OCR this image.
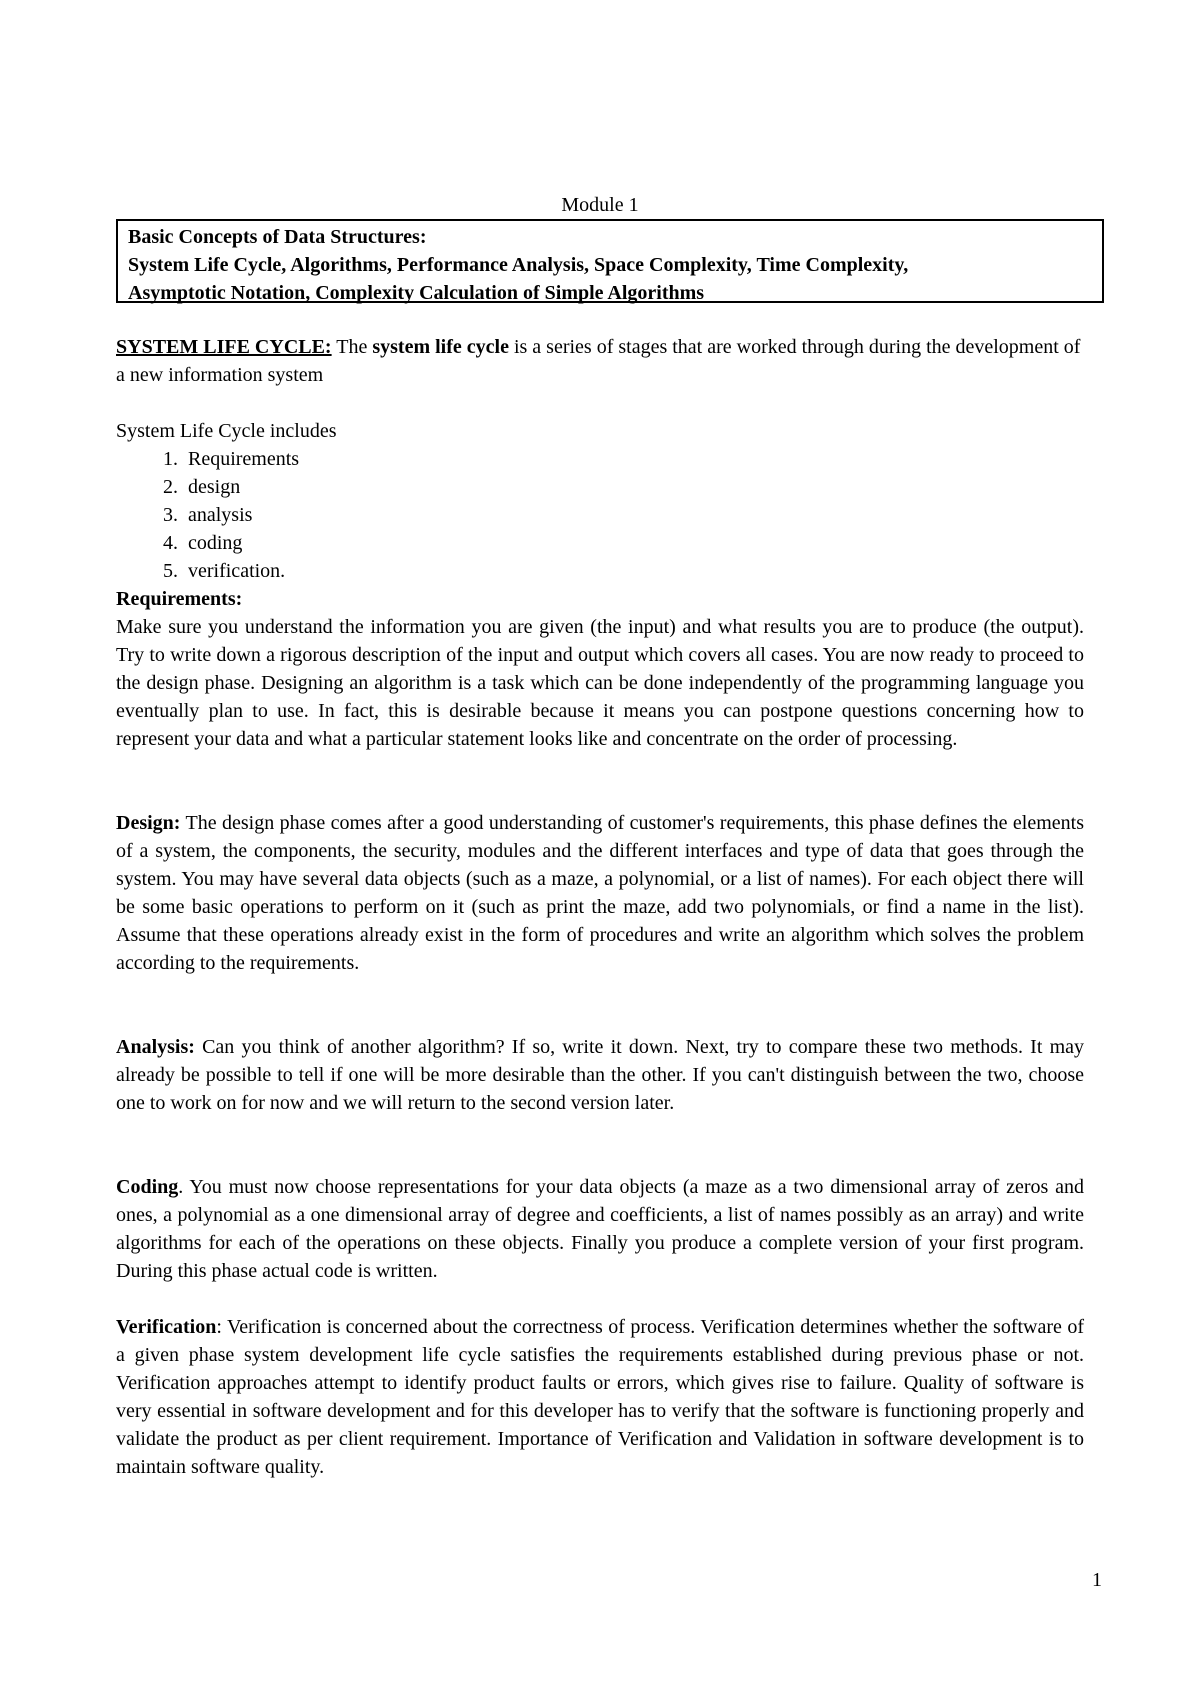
Module 1
Basic Concepts of Data Structures:
System Life Cycle, Algorithms, Performance Analysis, Space Complexity, Time Complexity,
Asymptotic Notation, Complexity Calculation of Simple Algorithms
SYSTEM LIFE CYCLE: The system life cycle is a series of stages that are worked through during the development of a new information system
System Life Cycle includes
1. Requirements
2. design
3. analysis
4. coding
5. verification.
Requirements:
Make sure you understand the information you are given (the input) and what results you are to produce (the output). Try to write down a rigorous description of the input and output which covers all cases. You are now ready to proceed to the design phase. Designing an algorithm is a task which can be done independently of the programming language you eventually plan to use. In fact, this is desirable because it means you can postpone questions concerning how to represent your data and what a particular statement looks like and concentrate on the order of processing.
Design: The design phase comes after a good understanding of customer's requirements, this phase defines the elements of a system, the components, the security, modules and the different interfaces and type of data that goes through the system. You may have several data objects (such as a maze, a polynomial, or a list of names). For each object there will be some basic operations to perform on it (such as print the maze, add two polynomials, or find a name in the list). Assume that these operations already exist in the form of procedures and write an algorithm which solves the problem according to the requirements.
Analysis: Can you think of another algorithm? If so, write it down. Next, try to compare these two methods. It may already be possible to tell if one will be more desirable than the other. If you can't distinguish between the two, choose one to work on for now and we will return to the second version later.
Coding. You must now choose representations for your data objects (a maze as a two dimensional array of zeros and ones, a polynomial as a one dimensional array of degree and coefficients, a list of names possibly as an array) and write algorithms for each of the operations on these objects. Finally you produce a complete version of your first program. During this phase actual code is written.
Verification: Verification is concerned about the correctness of process. Verification determines whether the software of a given phase system development life cycle satisfies the requirements established during previous phase or not. Verification approaches attempt to identify product faults or errors, which gives rise to failure. Quality of software is very essential in software development and for this developer has to verify that the software is functioning properly and validate the product as per client requirement. Importance of Verification and Validation in software development is to maintain software quality.
1
